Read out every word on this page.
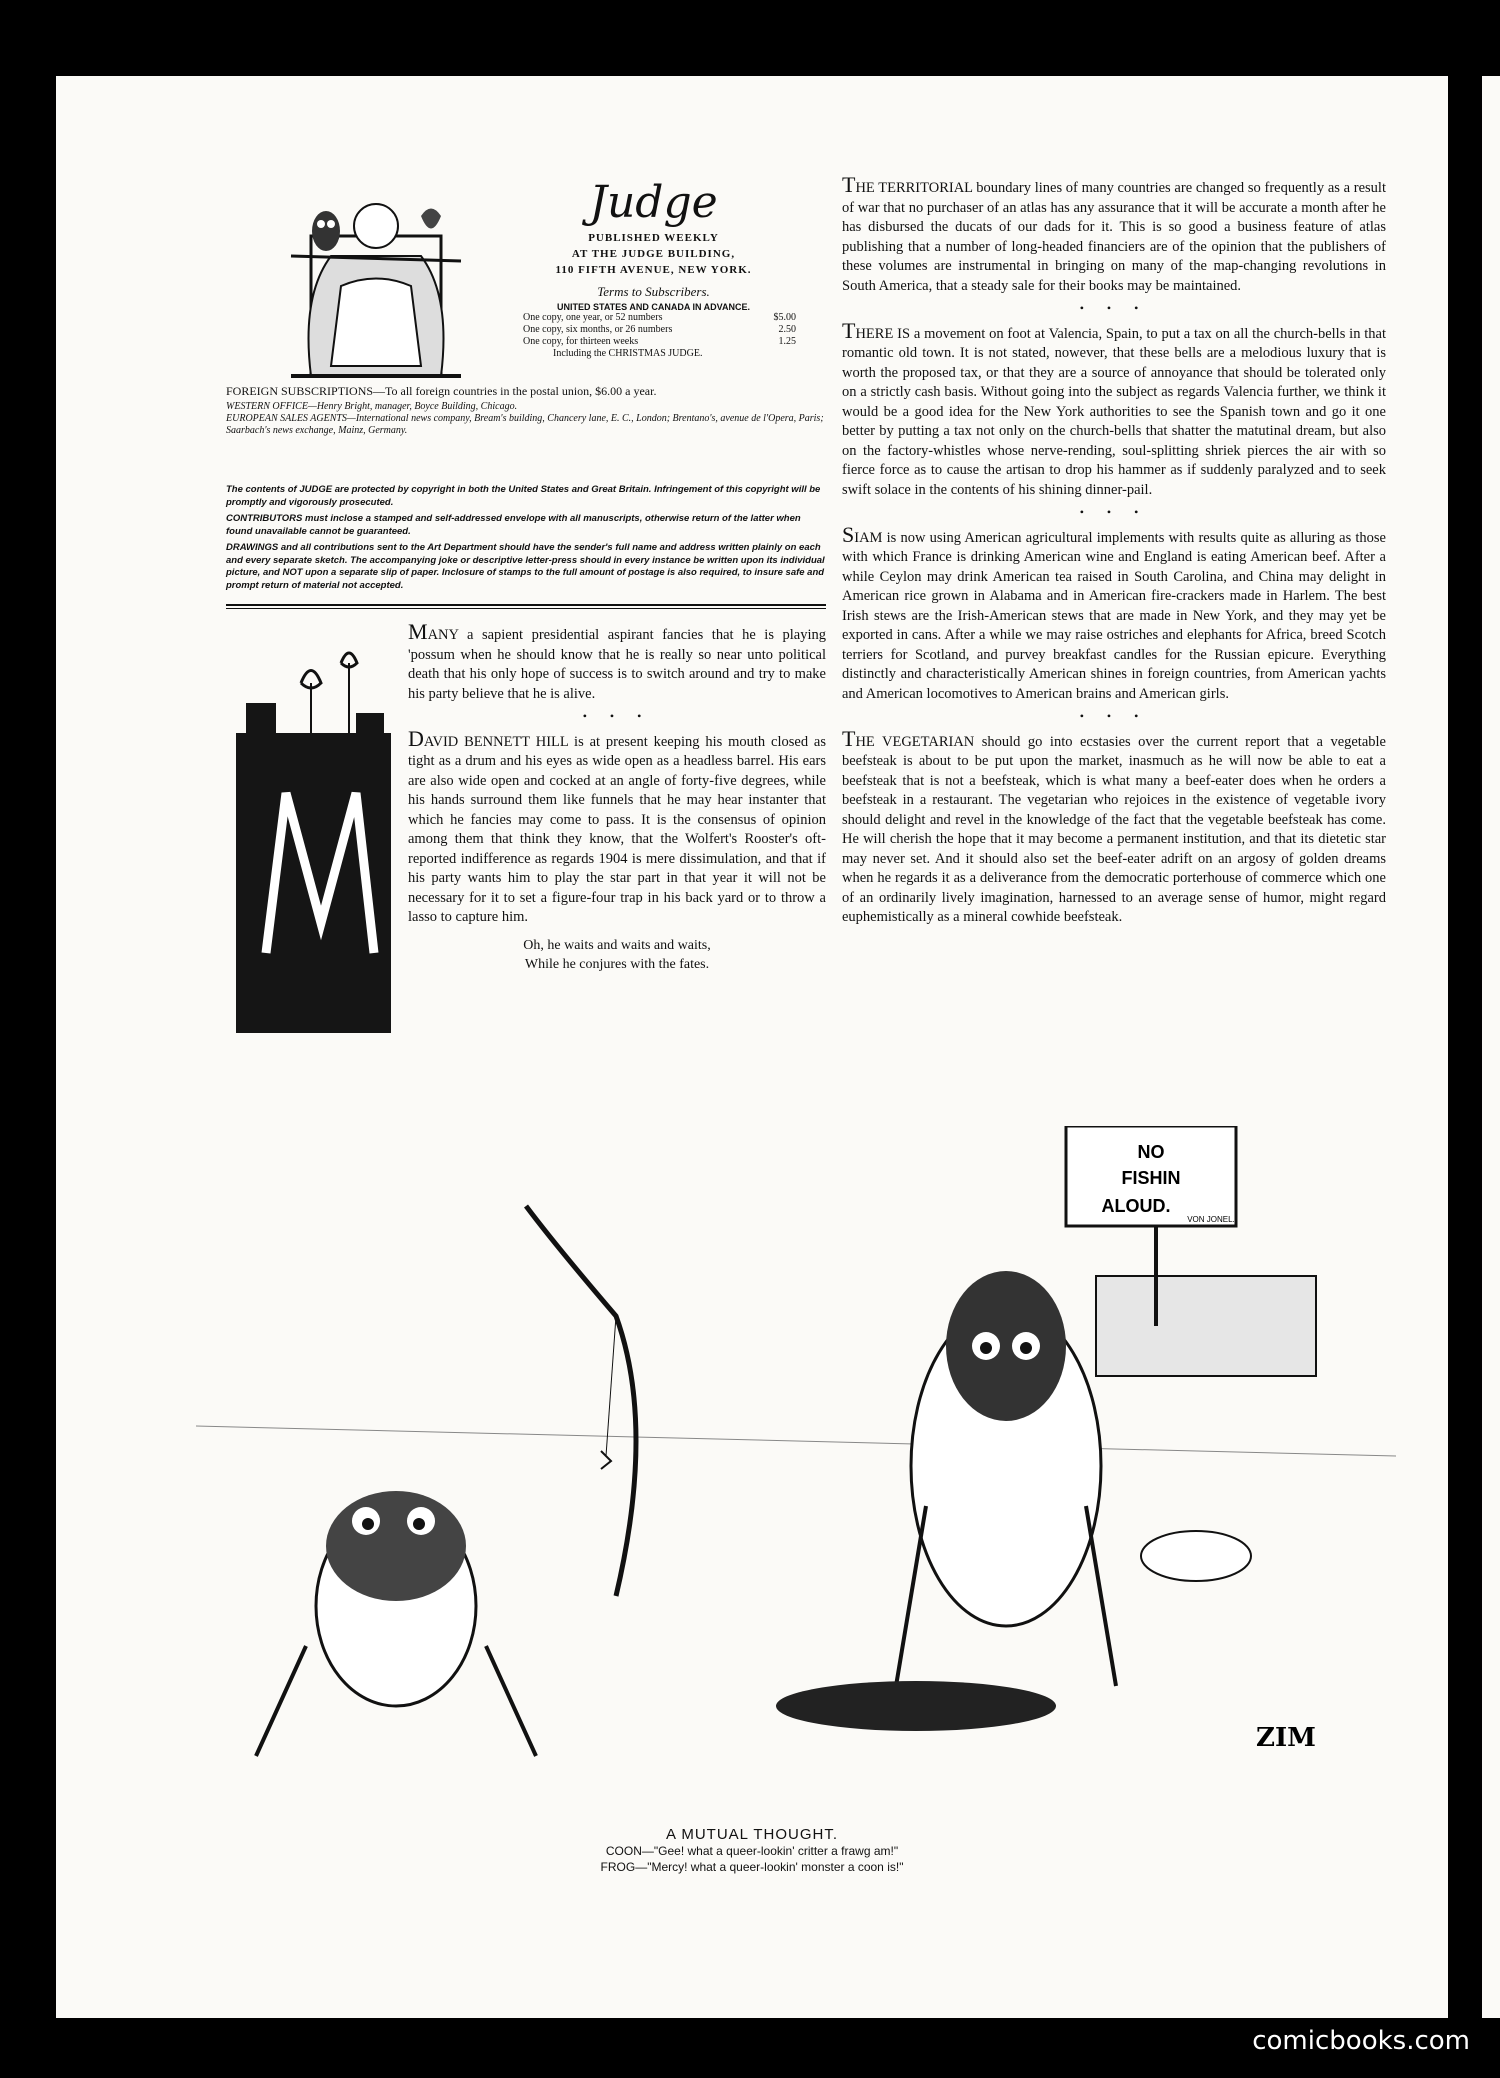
Judge
PUBLISHED WEEKLY
AT THE JUDGE BUILDING,
110 FIFTH AVENUE, NEW YORK.
Terms to Subscribers.
UNITED STATES AND CANADA IN ADVANCE.
One copy, one year, or 52 numbers	$5.00
One copy, six months, or 26 numbers	2.50
One copy, for thirteen weeks	1.25
Including the CHRISTMAS JUDGE.
FOREIGN SUBSCRIPTIONS—To all foreign countries in the postal union, $6.00 a year.
WESTERN OFFICE—Henry Bright, manager, Boyce Building, Chicago.
EUROPEAN SALES AGENTS—International news company, Bream's building, Chancery lane, E. C., London; Brentano's, avenue de l'Opera, Paris; Saarbach's news exchange, Mainz, Germany.

The contents of JUDGE are protected by copyright in both the United States and Great Britain. Infringement of this copyright will be promptly and vigorously prosecuted.

CONTRIBUTORS must inclose a stamped and self-addressed envelope with all manuscripts, otherwise return of the latter when found unavailable cannot be guaranteed.

DRAWINGS and all contributions sent to the Art Department should have the sender's full name and address written plainly on each and every separate sketch. The accompanying joke or descriptive letter-press should in every instance be written upon its individual picture, and NOT upon a separate slip of paper. Inclosure of stamps to the full amount of postage is also required, to insure safe and prompt return of material not accepted.

MANY a sapient presidential aspirant fancies that he is playing 'possum when he should know that he is really so near unto political death that his only hope of success is to switch around and try to make his party believe that he is alive.

• • •

DAVID BENNETT HILL is at present keeping his mouth closed as tight as a drum and his eyes as wide open as a headless barrel. His ears are also wide open and cocked at an angle of forty-five degrees, while his hands surround them like funnels that he may hear instanter that which he fancies may come to pass. It is the consensus of opinion among them that think they know, that the Wolfert's Rooster's oft-reported indifference as regards 1904 is mere dissimulation, and that if his party wants him to play the star part in that year it will not be necessary for it to set a figure-four trap in his back yard or to throw a lasso to capture him.

Oh, he waits and waits and waits,
While he conjures with the fates.

THE TERRITORIAL boundary lines of many countries are changed so frequently as a result of war that no purchaser of an atlas has any assurance that it will be accurate a month after he has disbursed the ducats of our dads for it. This is so good a business feature of atlas publishing that a number of long-headed financiers are of the opinion that the publishers of these volumes are instrumental in bringing on many of the map-changing revolutions in South America, that a steady sale for their books may be maintained.

• • •

THERE IS a movement on foot at Valencia, Spain, to put a tax on all the church-bells in that romantic old town. It is not stated, nowever, that these bells are a melodious luxury that is worth the proposed tax, or that they are a source of annoyance that should be tolerated only on a strictly cash basis. Without going into the subject as regards Valencia further, we think it would be a good idea for the New York authorities to see the Spanish town and go it one better by putting a tax not only on the church-bells that shatter the matutinal dream, but also on the factory-whistles whose nerve-rending, soul-splitting shriek pierces the air with so fierce force as to cause the artisan to drop his hammer as if suddenly paralyzed and to seek swift solace in the contents of his shining dinner-pail.

• • •

SIAM is now using American agricultural implements with results quite as alluring as those with which France is drinking American wine and England is eating American beef. After a while Ceylon may drink American tea raised in South Carolina, and China may delight in American rice grown in Alabama and in American fire-crackers made in Harlem. The best Irish stews are the Irish-American stews that are made in New York, and they may yet be exported in cans. After a while we may raise ostriches and elephants for Africa, breed Scotch terriers for Scotland, and purvey breakfast candles for the Russian epicure. Everything distinctly and characteristically American shines in foreign countries, from American yachts and American locomotives to American brains and American girls.

• • •

THE VEGETARIAN should go into ecstasies over the current report that a vegetable beefsteak is about to be put upon the market, inasmuch as he will now be able to eat a beefsteak that is not a beefsteak, which is what many a beef-eater does when he orders a beefsteak in a restaurant. The vegetarian who rejoices in the existence of vegetable ivory should delight and revel in the knowledge of the fact that the vegetable beefsteak has come. He will cherish the hope that it may become a permanent institution, and that its dietetic star may never set. And it should also set the beef-eater adrift on an argosy of golden dreams when he regards it as a deliverance from the democratic porterhouse of commerce which one of an ordinarily lively imagination, harnessed to an average sense of humor, might regard euphemistically as a mineral cowhide beefsteak.

NO
FISHIN
ALOUD.
VON JONEL.
ZIM
A MUTUAL THOUGHT.
COON—"Gee! what a queer-lookin' critter a frawg am!"
FROG—"Mercy! what a queer-lookin' monster a coon is!"
comicbooks.com
